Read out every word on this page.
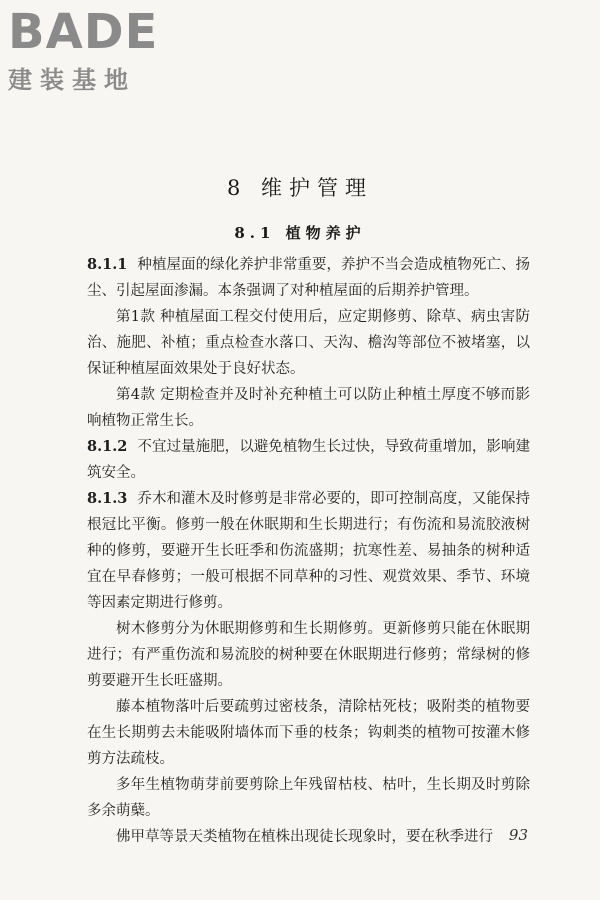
BADE
建装基地
8 维护管理
8.1 植物养护

8.1.1 种植屋面的绿化养护非常重要，养护不当会造成植物死亡、扬尘、引起屋面渗漏。本条强调了对种植屋面的后期养护管理。

第1款 种植屋面工程交付使用后，应定期修剪、除草、病虫害防治、施肥、补植；重点检查水落口、天沟、檐沟等部位不被堵塞，以保证种植屋面效果处于良好状态。

第4款 定期检查并及时补充种植土可以防止种植土厚度不够而影响植物正常生长。

8.1.2 不宜过量施肥，以避免植物生长过快，导致荷重增加，影响建筑安全。

8.1.3 乔木和灌木及时修剪是非常必要的，即可控制高度，又能保持根冠比平衡。修剪一般在休眠期和生长期进行；有伤流和易流胶液树种的修剪，要避开生长旺季和伤流盛期；抗寒性差、易抽条的树种适宜在早春修剪；一般可根据不同草种的习性、观赏效果、季节、环境等因素定期进行修剪。

树木修剪分为休眠期修剪和生长期修剪。更新修剪只能在休眠期进行；有严重伤流和易流胶的树种要在休眠期进行修剪；常绿树的修剪要避开生长旺盛期。

藤本植物落叶后要疏剪过密枝条，清除枯死枝；吸附类的植物要在生长期剪去未能吸附墙体而下垂的枝条；钩刺类的植物可按灌木修剪方法疏枝。

多年生植物萌芽前要剪除上年残留枯枝、枯叶，生长期及时剪除多余萌蘖。

佛甲草等景天类植物在植株出现徒长现象时，要在秋季进行	93
